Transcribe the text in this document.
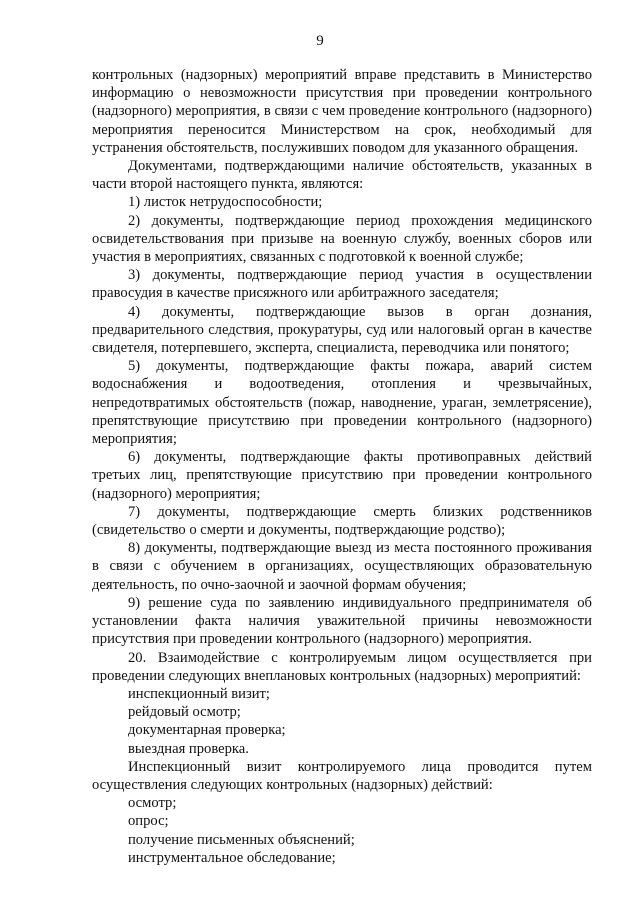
9

контрольных (надзорных) мероприятий вправе представить в Министерство информацию о невозможности присутствия при проведении контрольного (надзорного) мероприятия, в связи с чем проведение контрольного (надзорного) мероприятия переносится Министерством на срок, необходимый для устранения обстоятельств, послуживших поводом для указанного обращения.

Документами, подтверждающими наличие обстоятельств, указанных в части второй настоящего пункта, являются:

1) листок нетрудоспособности;

2) документы, подтверждающие период прохождения медицинского освидетельствования при призыве на военную службу, военных сборов или участия в мероприятиях, связанных с подготовкой к военной службе;

3) документы, подтверждающие период участия в осуществлении правосудия в качестве присяжного или арбитражного заседателя;

4) документы, подтверждающие вызов в орган дознания, предварительного следствия, прокуратуры, суд или налоговый орган в качестве свидетеля, потерпевшего, эксперта, специалиста, переводчика или понятого;

5) документы, подтверждающие факты пожара, аварий систем водоснабжения и водоотведения, отопления и чрезвычайных, непредотвратимых обстоятельств (пожар, наводнение, ураган, землетрясение), препятствующие присутствию при проведении контрольного (надзорного) мероприятия;

6) документы, подтверждающие факты противоправных действий третьих лиц, препятствующие присутствию при проведении контрольного (надзорного) мероприятия;

7) документы, подтверждающие смерть близких родственников (свидетельство о смерти и документы, подтверждающие родство);

8) документы, подтверждающие выезд из места постоянного проживания в связи с обучением в организациях, осуществляющих образовательную деятельность, по очно-заочной и заочной формам обучения;

9) решение суда по заявлению индивидуального предпринимателя об установлении факта наличия уважительной причины невозможности присутствия при проведении контрольного (надзорного) мероприятия.

20. Взаимодействие с контролируемым лицом осуществляется при проведении следующих внеплановых контрольных (надзорных) мероприятий:

инспекционный визит;

рейдовый осмотр;

документарная проверка;

выездная проверка.

Инспекционный визит контролируемого лица проводится путем осуществления следующих контрольных (надзорных) действий:

осмотр;

опрос;

получение письменных объяснений;

инструментальное обследование;
